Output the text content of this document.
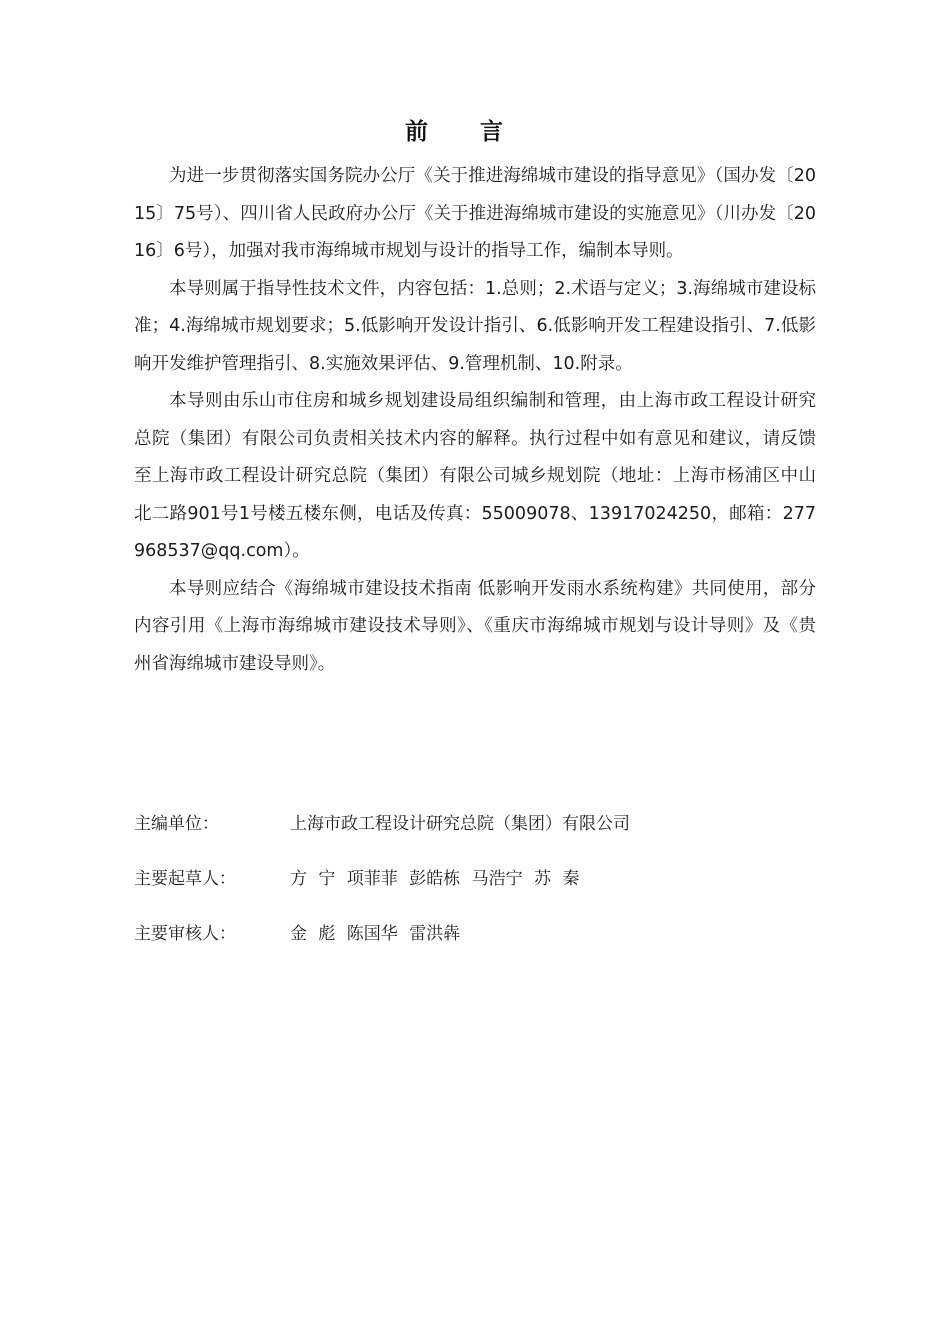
前 言

为进一步贯彻落实国务院办公厅《关于推进海绵城市建设的指导意见》（国办发〔2015〕75号）、四川省人民政府办公厅《关于推进海绵城市建设的实施意见》（川办发〔2016〕6号），加强对我市海绵城市规划与设计的指导工作，编制本导则。

本导则属于指导性技术文件，内容包括：1.总则；2.术语与定义；3.海绵城市建设标准；4.海绵城市规划要求；5.低影响开发设计指引、6.低影响开发工程建设指引、7.低影响开发维护管理指引、8.实施效果评估、9.管理机制、10.附录。

本导则由乐山市住房和城乡规划建设局组织编制和管理，由上海市政工程设计研究总院（集团）有限公司负责相关技术内容的解释。执行过程中如有意见和建议，请反馈至上海市政工程设计研究总院（集团）有限公司城乡规划院（地址：上海市杨浦区中山北二路901号1号楼五楼东侧，电话及传真：55009078、13917024250，邮箱：277968537@qq.com）。

本导则应结合《海绵城市建设技术指南 低影响开发雨水系统构建》共同使用，部分内容引用《上海市海绵城市建设技术导则》、《重庆市海绵城市规划与设计导则》及《贵州省海绵城市建设导则》。

主编单位：	上海市政工程设计研究总院（集团）有限公司
主要起草人：	方 宁 项菲菲 彭皓栋 马浩宁 苏 秦
主要审核人：	金 彪 陈国华 雷洪犇
